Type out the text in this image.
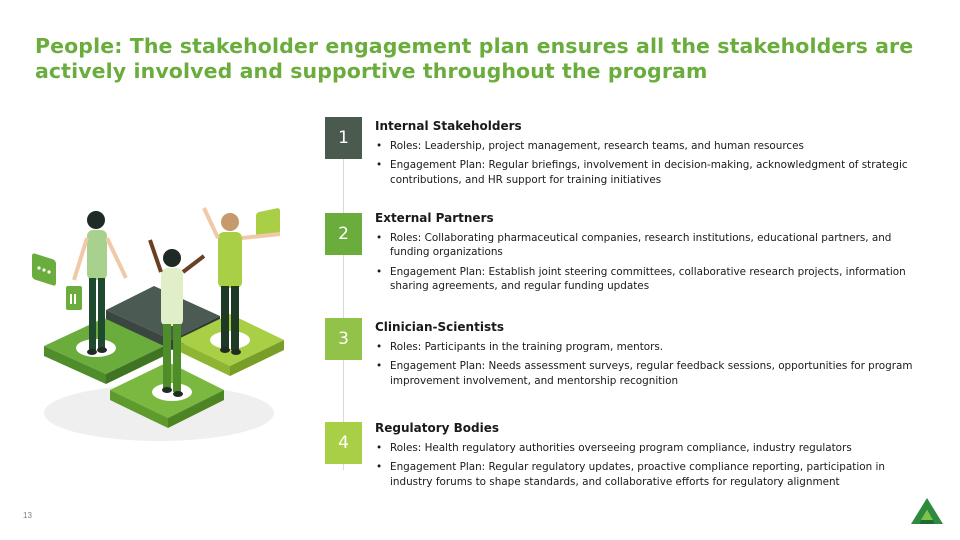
People: The stakeholder engagement plan ensures all the stakeholders are
actively involved and supportive throughout the program
1
Internal Stakeholders
• Roles: Leadership, project management, research teams, and human resources
• Engagement Plan: Regular briefings, involvement in decision-making, acknowledgment of strategic contributions, and HR support for training initiatives
2
External Partners
• Roles: Collaborating pharmaceutical companies, research institutions, educational partners, and funding organizations
• Engagement Plan: Establish joint steering committees, collaborative research projects, information sharing agreements, and regular funding updates
3
Clinician-Scientists
• Roles: Participants in the training program, mentors.
• Engagement Plan: Needs assessment surveys, regular feedback sessions, opportunities for program improvement involvement, and mentorship recognition
4
Regulatory Bodies
• Roles: Health regulatory authorities overseeing program compliance, industry regulators
• Engagement Plan: Regular regulatory updates, proactive compliance reporting, participation in industry forums to shape standards, and collaborative efforts for regulatory alignment
13
